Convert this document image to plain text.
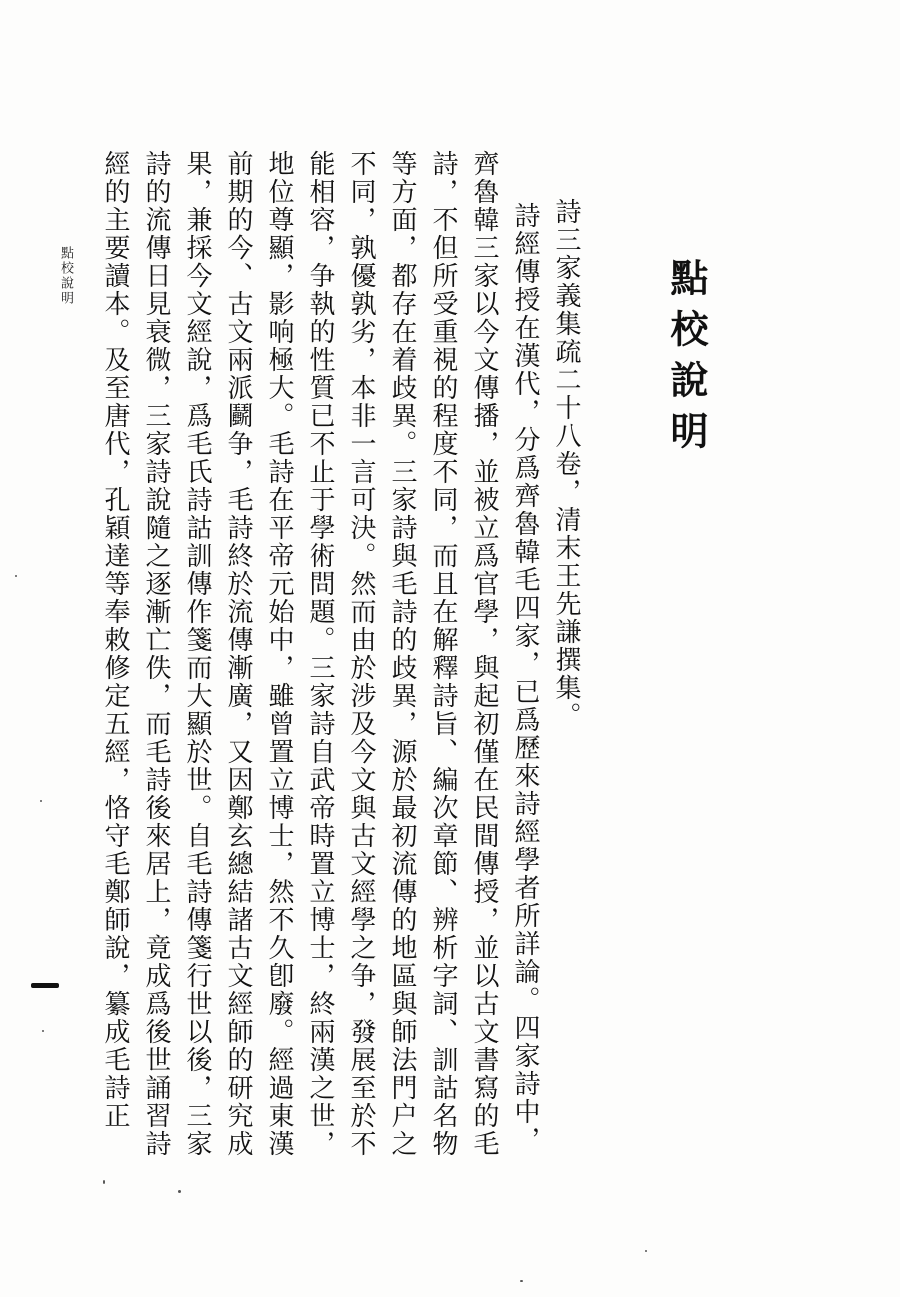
點校說明

詩三家義集疏二十八卷，清末王先謙撰集。

詩經傳授在漢代，分爲齊魯韓毛四家，已爲歷來詩經學者所詳論。四家詩中，齊魯韓三家以今文傳播，並被立爲官學，與起初僅在民間傳授，並以古文書寫的毛詩，不但所受重視的程度不同，而且在解釋詩旨、編次章節、辨析字詞、訓詁名物等方面，都存在着歧異。三家詩與毛詩的歧異，源於最初流傳的地區與師法門户之不同，孰優孰劣，本非一言可決。然而由於涉及今文與古文經學之争，發展至於不能相容，争執的性質已不止于學術問題。三家詩自武帝時置立博士，終兩漢之世，地位尊顯，影响極大。毛詩在平帝元始中，雖曾置立博士，然不久卽廢。經過東漢前期的今、古文兩派鬬争，毛詩終於流傳漸廣，又因鄭玄總結諸古文經師的研究成果，兼採今文經說，爲毛氏詩詁訓傳作箋而大顯於世。自毛詩傳箋行世以後，三家詩的流傳日見衰微，三家詩說隨之逐漸亡佚，而毛詩後來居上，竟成爲後世誦習詩經的主要讀本。及至唐代，孔穎達等奉敕修定五經，恪守毛鄭師說，纂成毛詩正

點校說明
